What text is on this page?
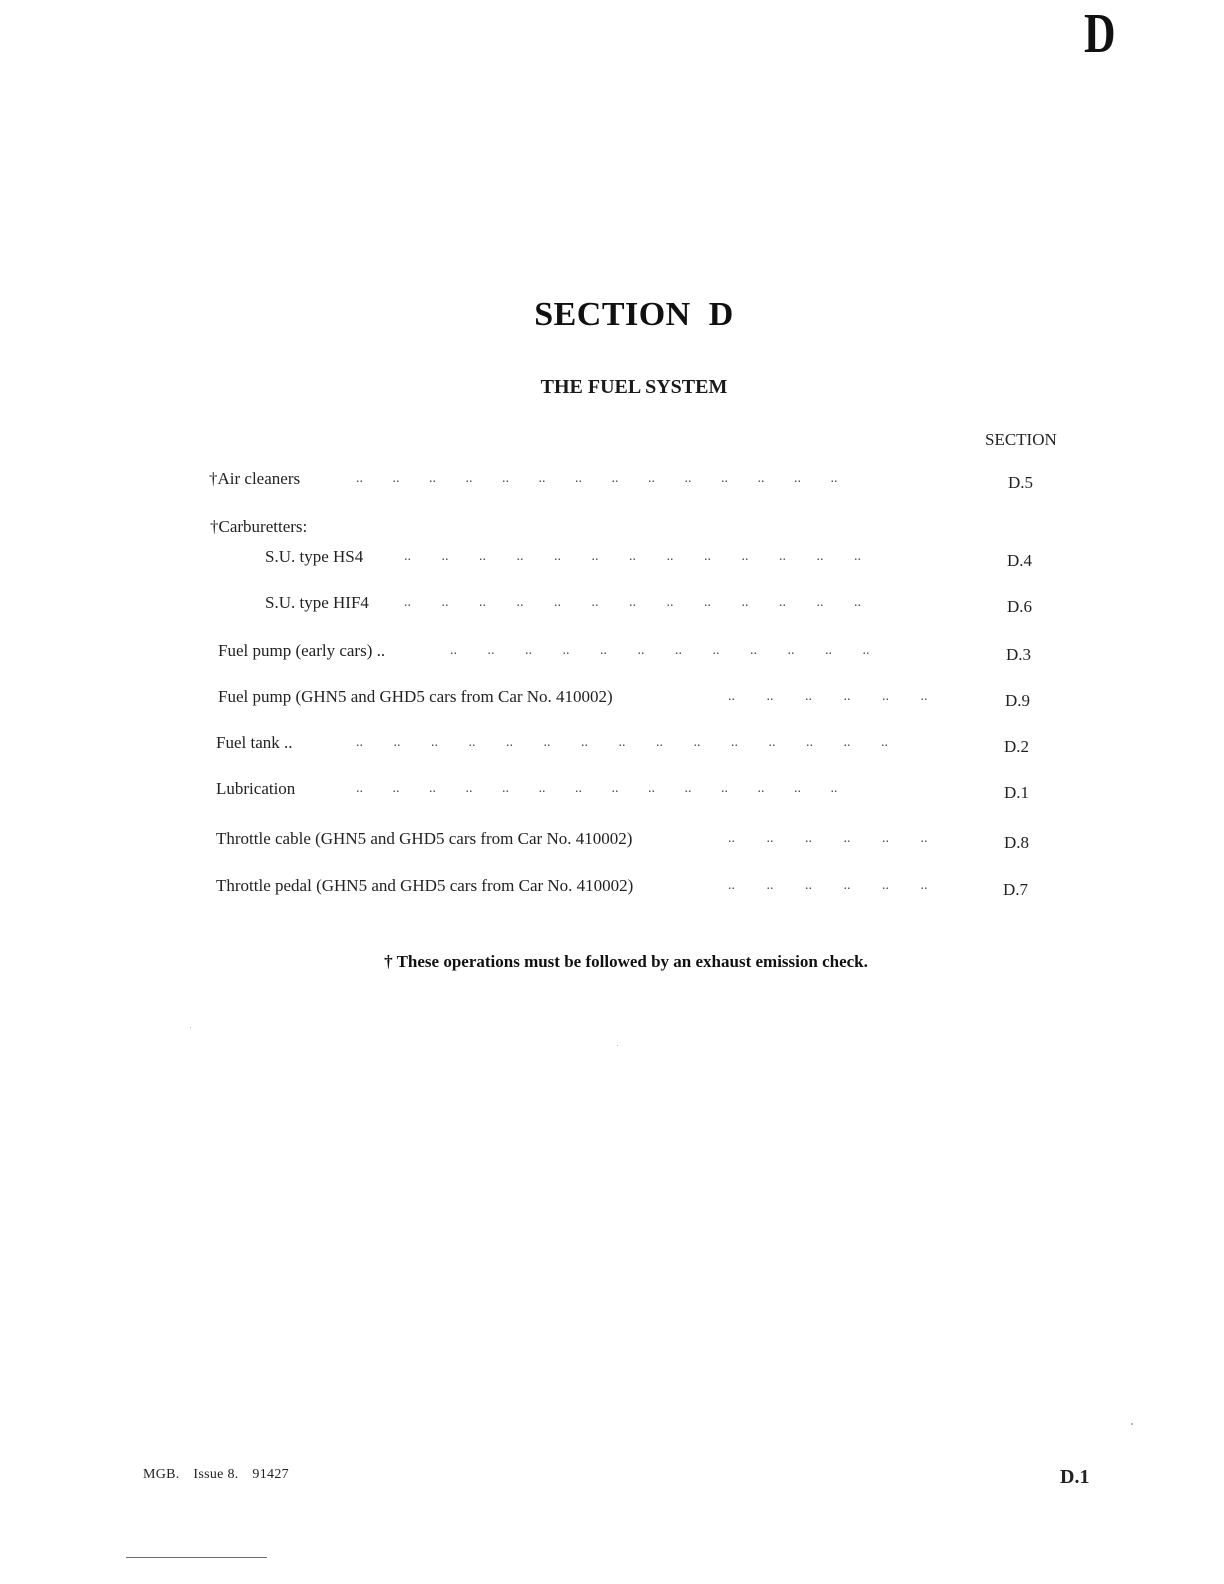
D
SECTION  D
THE FUEL SYSTEM
SECTION
†Air cleaners	.. .. .. .. .. .. .. .. .. .. .. .. .. ..	D.5
†Carburetters:
S.U. type HS4	.. .. .. .. .. .. .. .. .. .. .. .. ..	D.4
S.U. type HIF4	.. .. .. .. .. .. .. .. .. .. .. .. ..	D.6
Fuel pump (early cars) ..	.. .. .. .. .. .. .. .. .. .. .. ..	D.3
Fuel pump (GHN5 and GHD5 cars from Car No. 410002)	.. .. .. .. .. ..	D.9
Fuel tank ..	.. .. .. .. .. .. .. .. .. .. .. .. .. .. ..	D.2
Lubrication	.. .. .. .. .. .. .. .. .. .. .. .. .. ..	D.1
Throttle cable (GHN5 and GHD5 cars from Car No. 410002)	.. .. .. .. .. ..	D.8
Throttle pedal (GHN5 and GHD5 cars from Car No. 410002)	.. .. .. .. .. ..	D.7
† These operations must be followed by an exhaust emission check.
MGB. Issue 8. 91427	D.1
